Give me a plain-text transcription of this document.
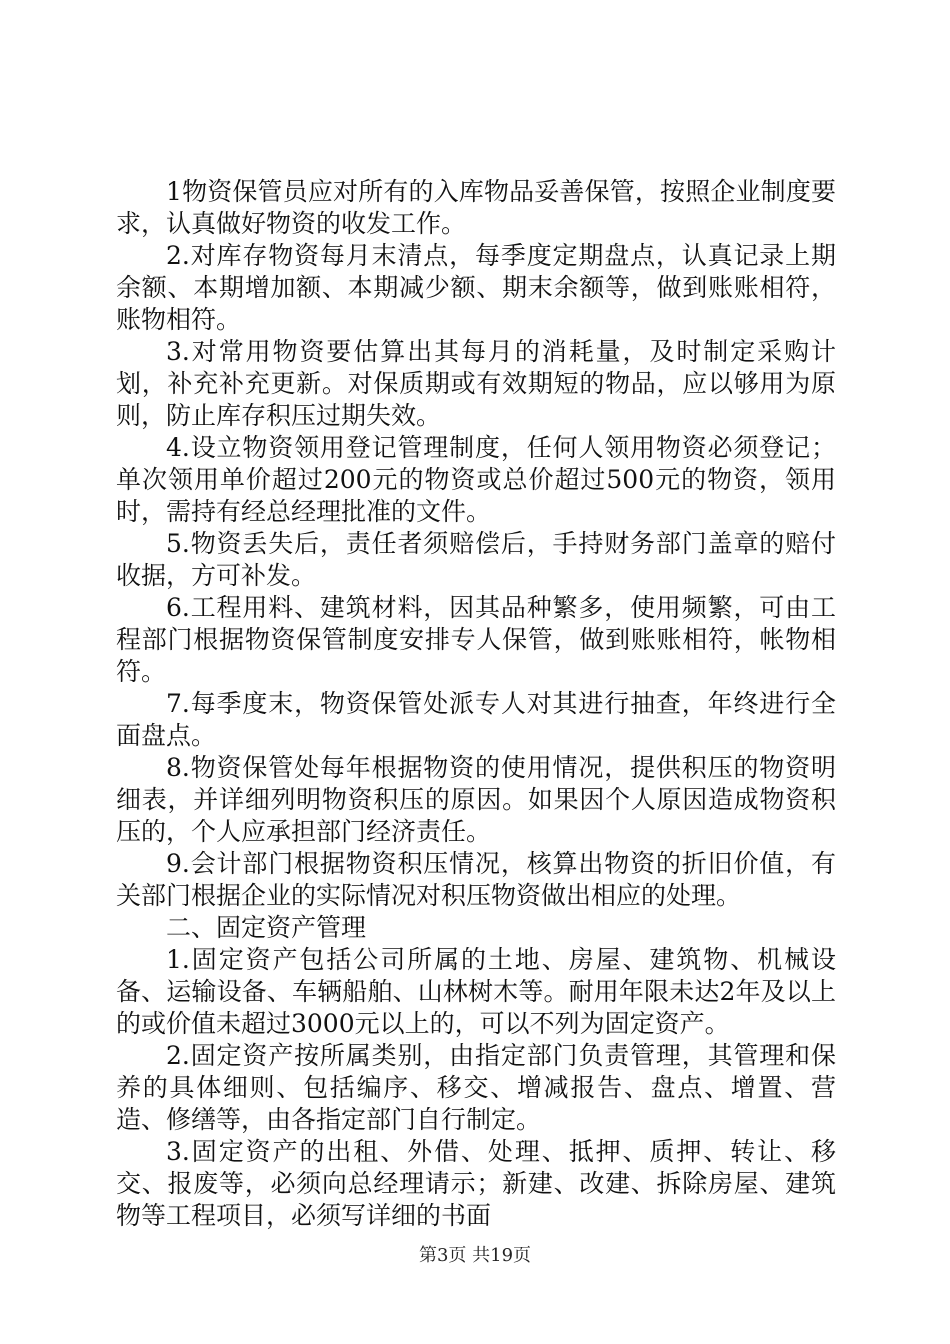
1物资保管员应对所有的入库物品妥善保管，按照企业制度要求，认真做好物资的收发工作。

2.对库存物资每月末清点，每季度定期盘点，认真记录上期余额、本期增加额、本期减少额、期末余额等，做到账账相符，账物相符。

3.对常用物资要估算出其每月的消耗量，及时制定采购计划，补充补充更新。对保质期或有效期短的物品，应以够用为原则，防止库存积压过期失效。

4.设立物资领用登记管理制度，任何人领用物资必须登记；单次领用单价超过200元的物资或总价超过500元的物资，领用时，需持有经总经理批准的文件。

5.物资丢失后，责任者须赔偿后，手持财务部门盖章的赔付收据，方可补发。

6.工程用料、建筑材料，因其品种繁多，使用频繁，可由工程部门根据物资保管制度安排专人保管，做到账账相符，帐物相符。

7.每季度末，物资保管处派专人对其进行抽查，年终进行全面盘点。

8.物资保管处每年根据物资的使用情况，提供积压的物资明细表，并详细列明物资积压的原因。如果因个人原因造成物资积压的，个人应承担部门经济责任。

9.会计部门根据物资积压情况，核算出物资的折旧价值，有关部门根据企业的实际情况对积压物资做出相应的处理。

二、固定资产管理

1.固定资产包括公司所属的土地、房屋、建筑物、机械设备、运输设备、车辆船舶、山林树木等。耐用年限未达2年及以上的或价值未超过3000元以上的，可以不列为固定资产。

2.固定资产按所属类别，由指定部门负责管理，其管理和保养的具体细则、包括编序、移交、增减报告、盘点、增置、营造、修缮等，由各指定部门自行制定。

3.固定资产的出租、外借、处理、抵押、质押、转让、移交、报废等，必须向总经理请示；新建、改建、拆除房屋、建筑物等工程项目，必须写详细的书面

第3页 共19页
